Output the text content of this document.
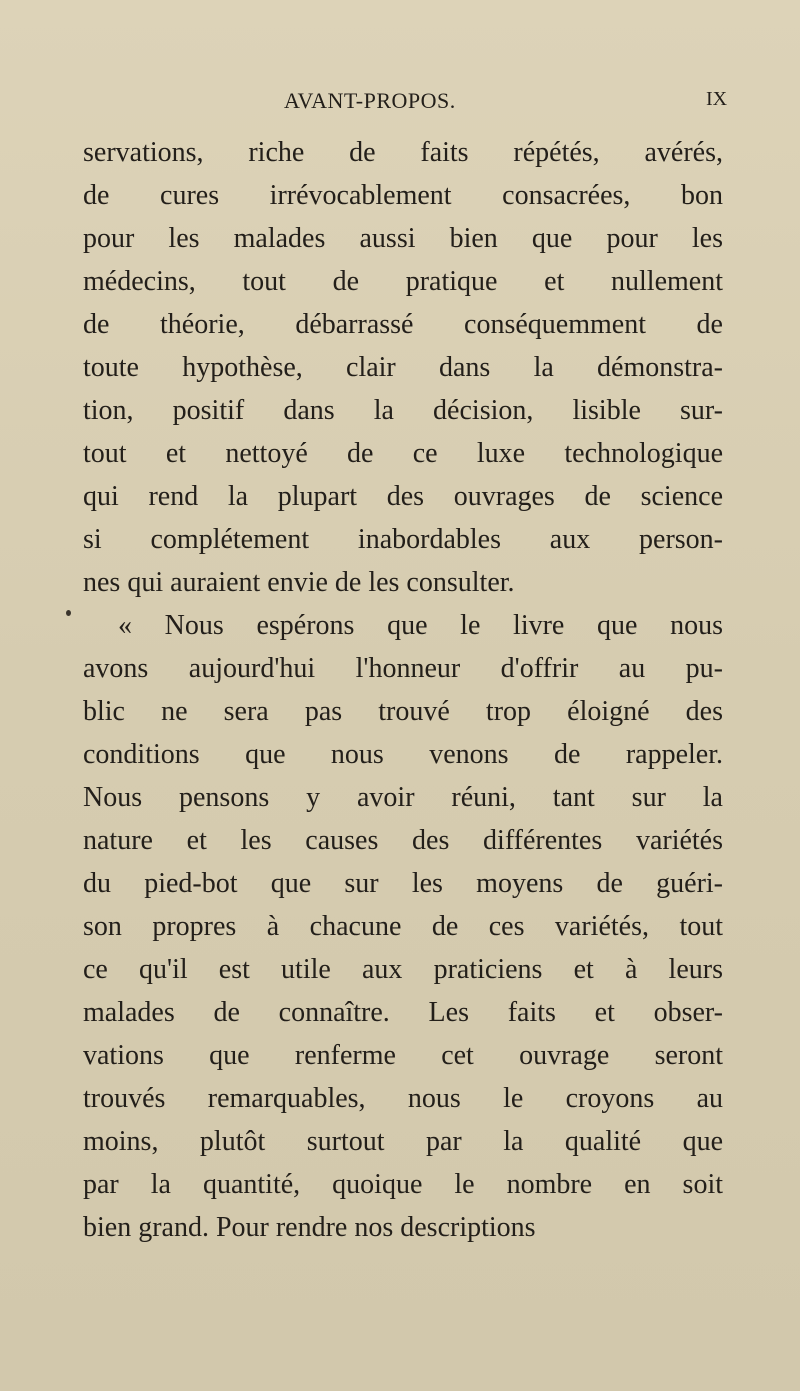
AVANT-PROPOS.	IX
servations, riche de faits répétés, avérés,
de cures irrévocablement consacrées, bon
pour les malades aussi bien que pour les
médecins, tout de pratique et nullement
de théorie, débarrassé conséquemment de
toute hypothèse, clair dans la démonstra-
tion, positif dans la décision, lisible sur-
tout et nettoyé de ce luxe technologique
qui rend la plupart des ouvrages de science
si complétement inabordables aux person-
nes qui auraient envie de les consulter.
« Nous espérons que le livre que nous
avons aujourd'hui l'honneur d'offrir au pu-
blic ne sera pas trouvé trop éloigné des
conditions que nous venons de rappeler.
Nous pensons y avoir réuni, tant sur la
nature et les causes des différentes variétés
du pied-bot que sur les moyens de guéri-
son propres à chacune de ces variétés, tout
ce qu'il est utile aux praticiens et à leurs
malades de connaître. Les faits et obser-
vations que renferme cet ouvrage seront
trouvés remarquables, nous le croyons au
moins, plutôt surtout par la qualité que
par la quantité, quoique le nombre en soit
bien grand. Pour rendre nos descriptions
